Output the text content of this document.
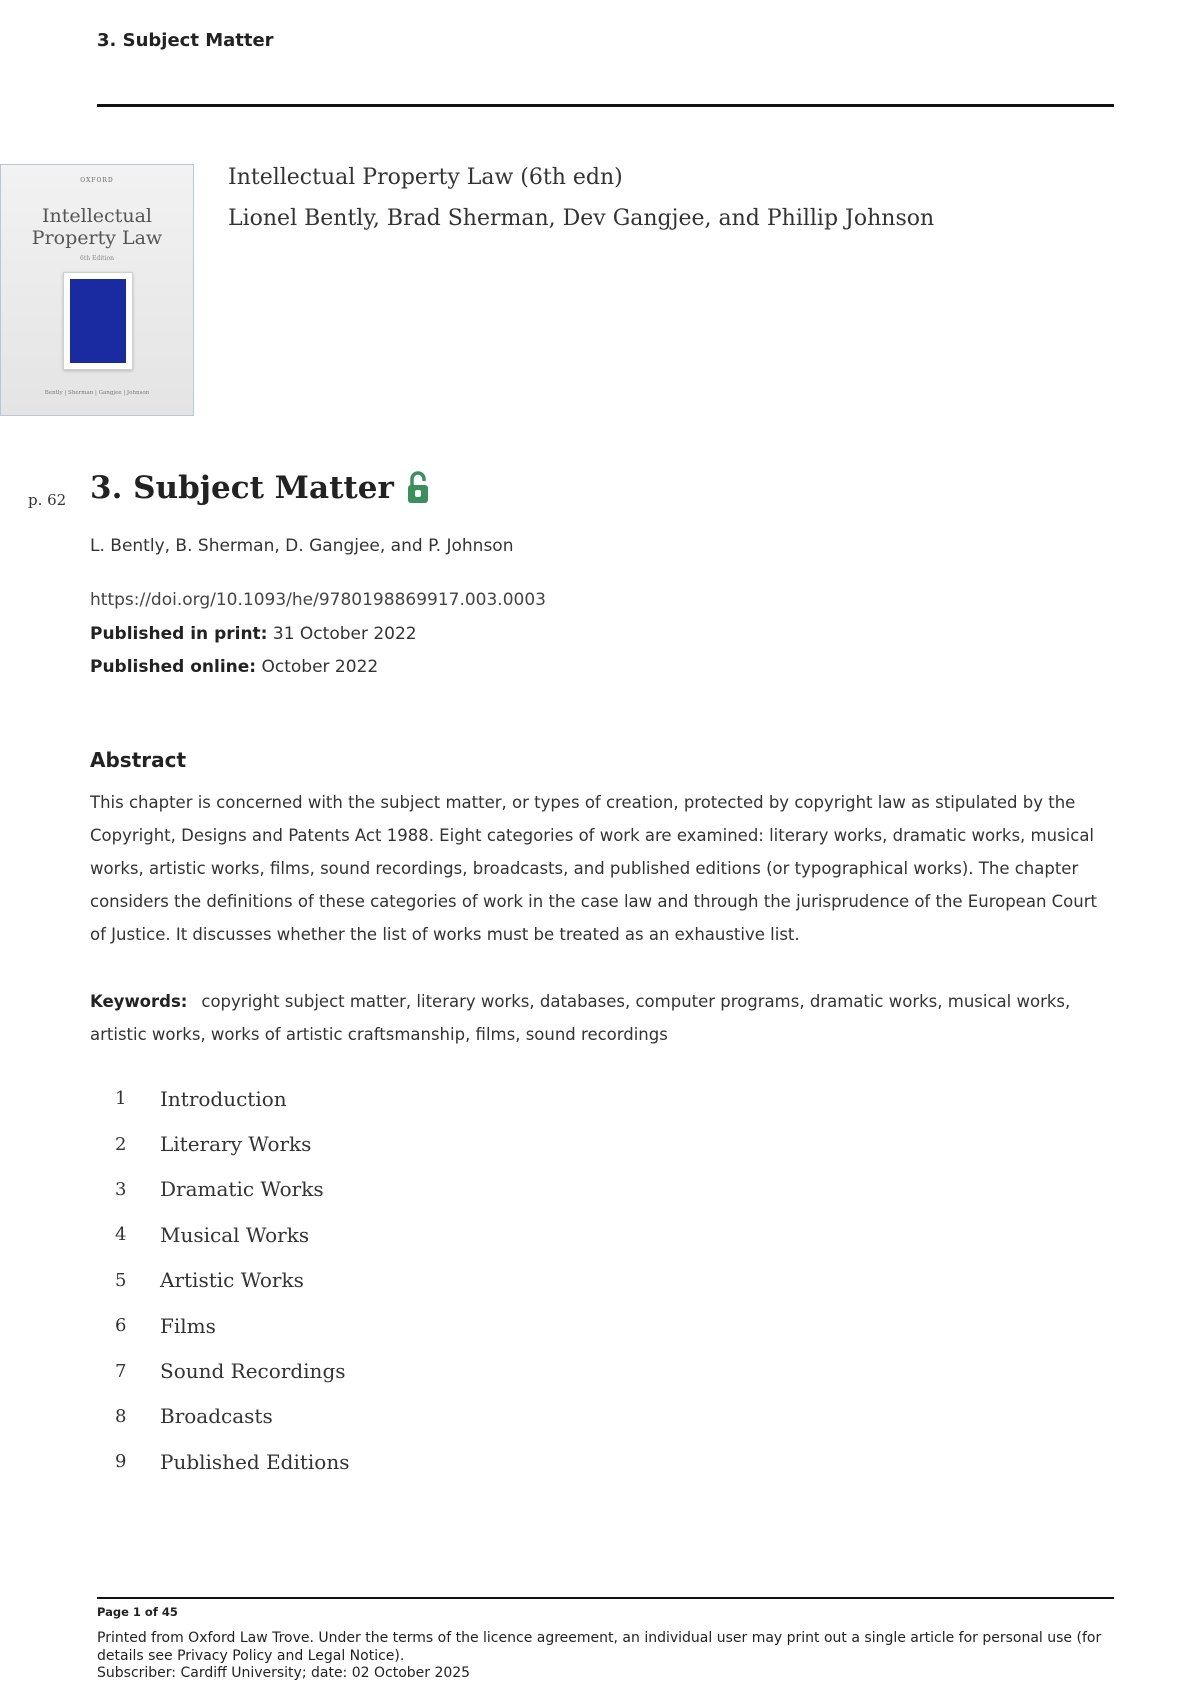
3. Subject Matter
OXFORD
Intellectual
Property Law
6th Edition
Bently | Sherman | Gangjee | Johnson
Intellectual Property Law (6th edn)
Lionel Bently, Brad Sherman, Dev Gangjee, and Phillip Johnson
p. 62 3. Subject Matter
L. Bently, B. Sherman, D. Gangjee, and P. Johnson
https://doi.org/10.1093/he/9780198869917.003.0003
Published in print: 31 October 2022
Published online: October 2022
Abstract
This chapter is concerned with the subject matter, or types of creation, protected by copyright law as stipulated by the Copyright, Designs and Patents Act 1988. Eight categories of work are examined: literary works, dramatic works, musical works, artistic works, films, sound recordings, broadcasts, and published editions (or typographical works). The chapter considers the definitions of these categories of work in the case law and through the jurisprudence of the European Court of Justice. It discusses whether the list of works must be treated as an exhaustive list.
Keywords: copyright subject matter, literary works, databases, computer programs, dramatic works, musical works, artistic works, works of artistic craftsmanship, films, sound recordings
1	Introduction
2	Literary Works
3	Dramatic Works
4	Musical Works
5	Artistic Works
6	Films
7	Sound Recordings
8	Broadcasts
9	Published Editions
Page 1 of 45
Printed from Oxford Law Trove. Under the terms of the licence agreement, an individual user may print out a single article for personal use (for details see Privacy Policy and Legal Notice).
Subscriber: Cardiff University; date: 02 October 2025
